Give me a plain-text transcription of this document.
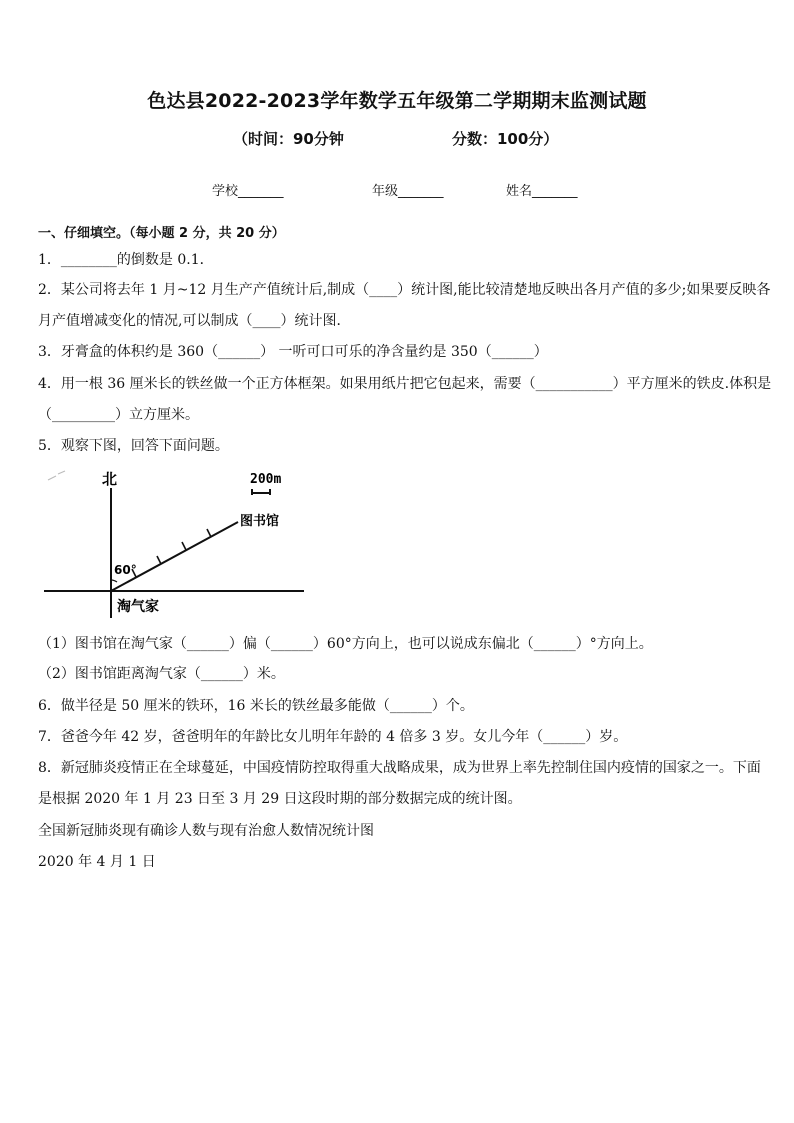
色达县2022-2023学年数学五年级第二学期期末监测试题
（时间：90分钟	分数：100分）
学校_______	年级_______	姓名_______
一、仔细填空。（每小题 2 分，共 20 分）
1．________的倒数是 0.1．
2．某公司将去年 1 月~12 月生产产值统计后,制成（____）统计图,能比较清楚地反映出各月产值的多少;如果要反映各
月产值增减变化的情况,可以制成（____）统计图．
3．牙膏盒的体积约是 360（______） 一听可口可乐的净含量约是 350（______）
4．用一根 36 厘米长的铁丝做一个正方体框架。如果用纸片把它包起来，需要（___________）平方厘米的铁皮.体积是
（_________）立方厘米。
5．观察下图，回答下面问题。
北	200m
图书馆
60°
淘气家
（1）图书馆在淘气家（______）偏（______）60°方向上，也可以说成东偏北（______）°方向上。
（2）图书馆距离淘气家（______）米。
6．做半径是 50 厘米的铁环，16 米长的铁丝最多能做（______）个。
7．爸爸今年 42 岁，爸爸明年的年龄比女儿明年年龄的 4 倍多 3 岁。女儿今年（______）岁。
8．新冠肺炎疫情正在全球蔓延，中国疫情防控取得重大战略成果，成为世界上率先控制住国内疫情的国家之一。下面
是根据 2020 年 1 月 23 日至 3 月 29 日这段时期的部分数据完成的统计图。
全国新冠肺炎现有确诊人数与现有治愈人数情况统计图
2020 年 4 月 1 日
